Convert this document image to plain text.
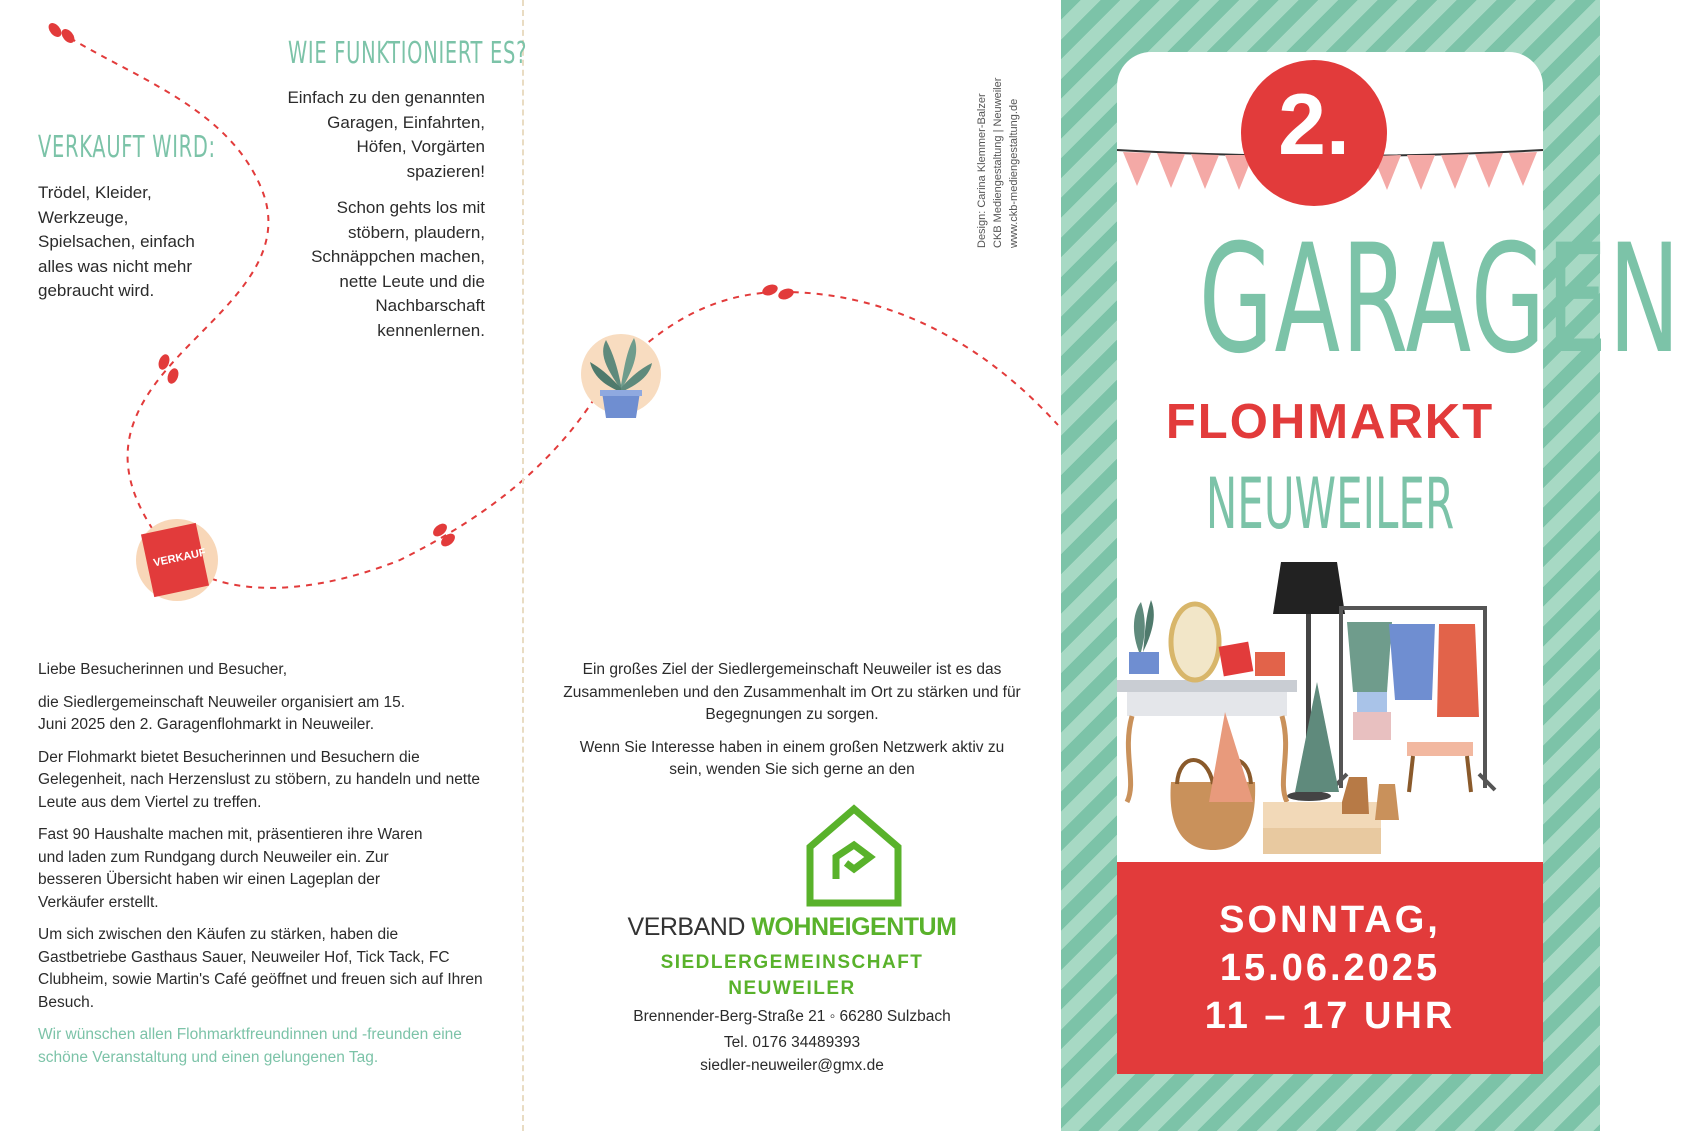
VERKAUF
VERKAUFT WIRD:

Trödel, Kleider, Werkzeuge, Spielsachen, einfach alles was nicht mehr gebraucht wird.

WIE FUNKTIONIERT ES?

Einfach zu den genannten Garagen, Einfahrten, Höfen, Vorgärten spazieren!

Schon gehts los mit stöbern, plaudern, Schnäppchen machen, nette Leute und die Nachbarschaft kennenlernen.

Liebe Besucherinnen und Besucher,

die Siedlergemeinschaft Neuweiler organisiert am 15. Juni 2025 den 2. Garagenflohmarkt in Neuweiler.

Der Flohmarkt bietet Besucherinnen und Besuchern die Gelegenheit, nach Herzenslust zu stöbern, zu handeln und nette Leute aus dem Viertel zu treffen.

Fast 90 Haushalte machen mit, präsentieren ihre Waren und laden zum Rundgang durch Neuweiler ein. Zur besseren Übersicht haben wir einen Lageplan der Verkäufer erstellt.

Um sich zwischen den Käufen zu stärken, haben die Gastbetriebe Gasthaus Sauer, Neuweiler Hof, Tick Tack, FC Clubheim, sowie Martin's Café geöffnet und freuen sich auf Ihren Besuch.

Wir wünschen allen Flohmarktfreundinnen und -freunden eine schöne Veranstaltung und einen gelungenen Tag.

Ein großes Ziel der Siedlergemeinschaft Neuweiler ist es das Zusammenleben und den Zusammenhalt im Ort zu stärken und für Begegnungen zu sorgen.

Wenn Sie Interesse haben in einem großen Netzwerk aktiv zu sein, wenden Sie sich gerne an den

VERBAND WOHNEIGENTUM
SIEDLERGEMEINSCHAFT
NEUWEILER
Brennender-Berg-Straße 21 ◦ 66280 Sulzbach
Tel. 0176 34489393
siedler-neuweiler@gmx.de
Design: Carina Klemmer-Balzer CKB Mediengestaltung | Neuweiler www.ckb-mediengestaltung.de	2.
GARAGEN
FLOHMARKT
NEUWEILER

SONNTAG,

15.06.2025

11 – 17 UHR
